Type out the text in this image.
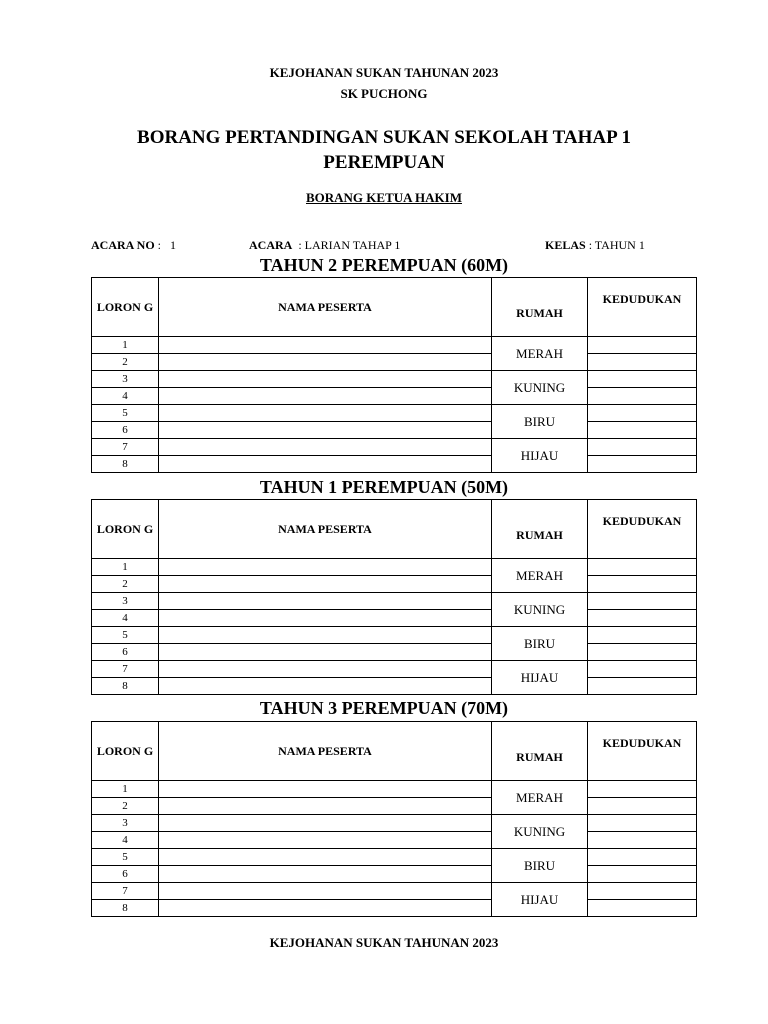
KEJOHANAN SUKAN TAHUNAN 2023
SK PUCHONG
BORANG PERTANDINGAN SUKAN SEKOLAH TAHAP 1
PEREMPUAN
BORANG KETUA HAKIM
ACARA NO :   1	ACARA  : LARIAN TAHAP 1	KELAS : TAHUN 1
TAHUN 2 PEREMPUAN (60M)
LORON G	NAMA PESERTA	RUMAH	KEDUDUKAN
1		MERAH	
2			
3		KUNING	
4			
5		BIRU	
6			
7		HIJAU	
8			
TAHUN 1 PEREMPUAN (50M)
LORON G	NAMA PESERTA	RUMAH	KEDUDUKAN
1		MERAH	
2			
3		KUNING	
4			
5		BIRU	
6			
7		HIJAU	
8			
TAHUN 3 PEREMPUAN (70M)
LORON G	NAMA PESERTA	RUMAH	KEDUDUKAN
1		MERAH	
2			
3		KUNING	
4			
5		BIRU	
6			
7		HIJAU	
8			
KEJOHANAN SUKAN TAHUNAN 2023
